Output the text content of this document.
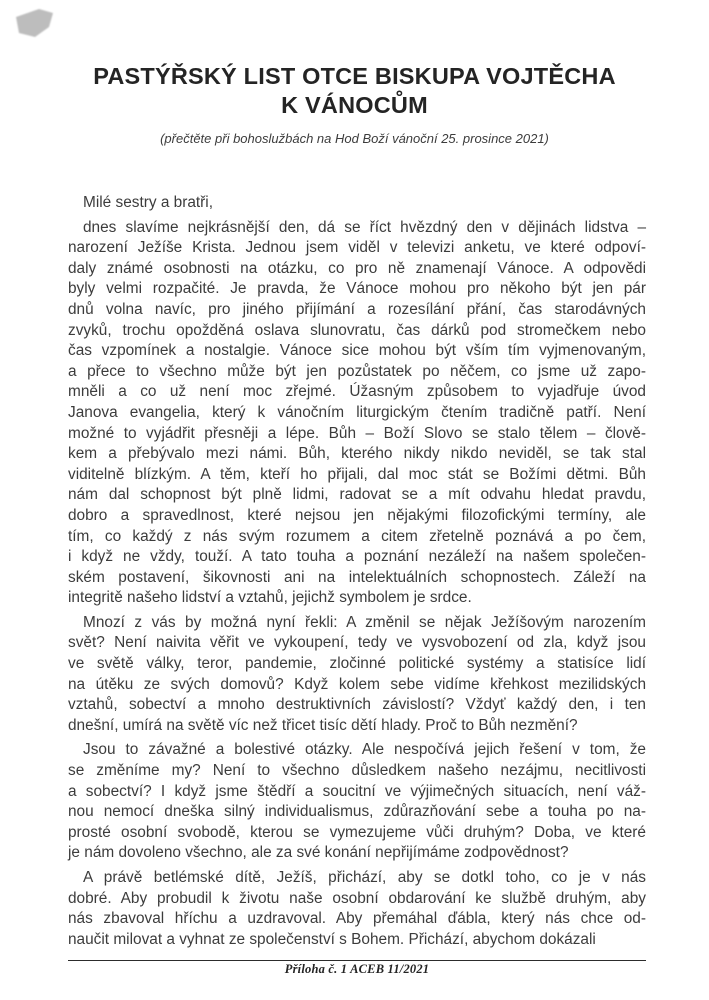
PASTÝŘSKÝ LIST OTCE BISKUPA VOJTĚCHA
K VÁNOCŮM
(přečtěte při bohoslužbách na Hod Boží vánoční 25. prosince 2021)
Milé sestry a bratři,
dnes slavíme nejkrásnější den, dá se říct hvězdný den v dějinách lidstva –
narození Ježíše Krista. Jednou jsem viděl v televizi anketu, ve které odpoví-
daly známé osobnosti na otázku, co pro ně znamenají Vánoce. A odpovědi
byly velmi rozpačité. Je pravda, že Vánoce mohou pro někoho být jen pár
dnů volna navíc, pro jiného přijímání a rozesílání přání, čas starodávných
zvyků, trochu opožděná oslava slunovratu, čas dárků pod stromečkem nebo
čas vzpomínek a nostalgie. Vánoce sice mohou být vším tím vyjmenovaným,
a přece to všechno může být jen pozůstatek po něčem, co jsme už zapo-
mněli a co už není moc zřejmé. Úžasným způsobem to vyjadřuje úvod
Janova evangelia, který k vánočním liturgickým čtením tradičně patří. Není
možné to vyjádřit přesněji a lépe. Bůh – Boží Slovo se stalo tělem – člově-
kem a přebývalo mezi námi. Bůh, kterého nikdy nikdo neviděl, se tak stal
viditelně blízkým. A těm, kteří ho přijali, dal moc stát se Božími dětmi. Bůh
nám dal schopnost být plně lidmi, radovat se a mít odvahu hledat pravdu,
dobro a spravedlnost, které nejsou jen nějakými filozofickými termíny, ale
tím, co každý z nás svým rozumem a citem zřetelně poznává a po čem,
i když ne vždy, touží. A tato touha a poznání nezáleží na našem společen-
ském postavení, šikovnosti ani na intelektuálních schopnostech. Záleží na
integritě našeho lidství a vztahů, jejichž symbolem je srdce.
Mnozí z vás by možná nyní řekli: A změnil se nějak Ježíšovým narozením
svět? Není naivita věřit ve vykoupení, tedy ve vysvobození od zla, když jsou
ve světě války, teror, pandemie, zločinné politické systémy a statisíce lidí
na útěku ze svých domovů? Když kolem sebe vidíme křehkost mezilidských
vztahů, sobectví a mnoho destruktivních závislostí? Vždyť každý den, i ten
dnešní, umírá na světě víc než třicet tisíc dětí hlady. Proč to Bůh nezmění?
Jsou to závažné a bolestivé otázky. Ale nespočívá jejich řešení v tom, že
se změníme my? Není to všechno důsledkem našeho nezájmu, necitlivosti
a sobectví? I když jsme štědří a soucitní ve výjimečných situacích, není váž-
nou nemocí dneška silný individualismus, zdůrazňování sebe a touha po na-
prosté osobní svobodě, kterou se vymezujeme vůči druhým? Doba, ve které
je nám dovoleno všechno, ale za své konání nepřijímáme zodpovědnost?
A právě betlémské dítě, Ježíš, přichází, aby se dotkl toho, co je v nás
dobré. Aby probudil k životu naše osobní obdarování ke službě druhým, aby
nás zbavoval hříchu a uzdravoval. Aby přemáhal ďábla, který nás chce od-
naučit milovat a vyhnat ze společenství s Bohem. Přichází, abychom dokázali
Příloha č. 1 ACEB 11/2021
